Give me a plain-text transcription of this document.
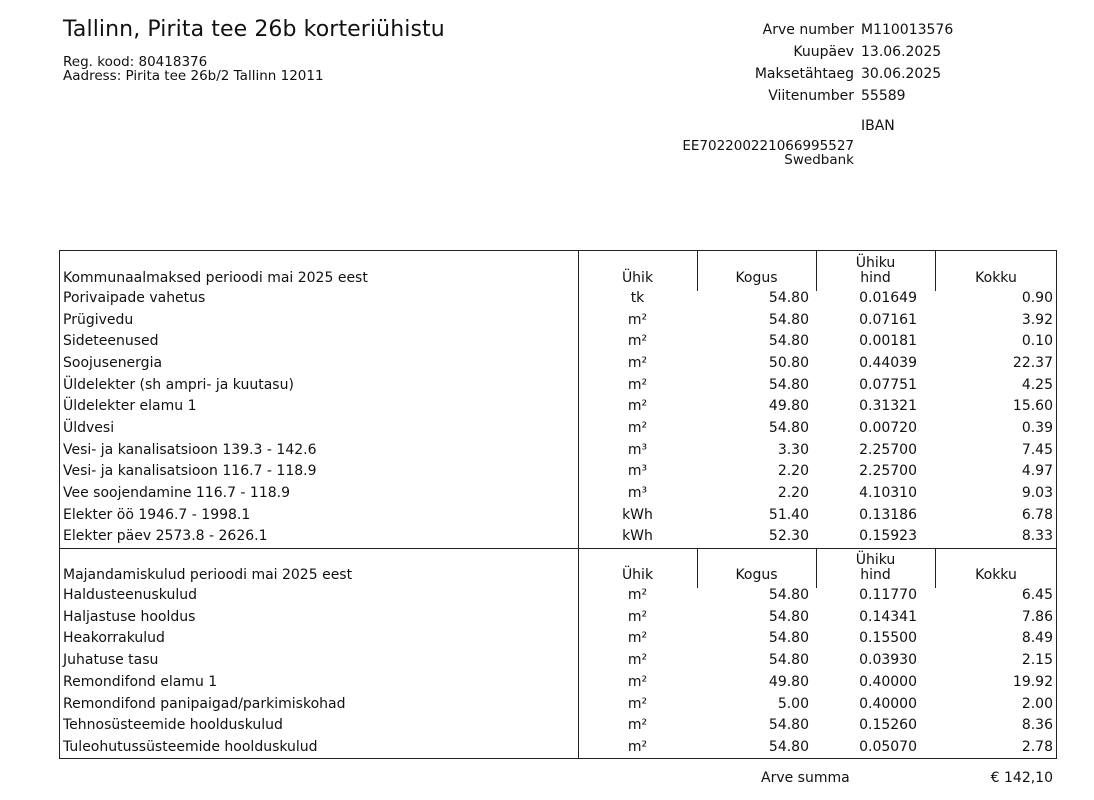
Tallinn, Pirita tee 26b korteriühistu
Reg. kood: 80418376
Aadress: Pirita tee 26b/2 Tallinn 12011
Arve number M110013576
Kuupäev 13.06.2025
Maksetähtaeg 30.06.2025
Viitenumber 55589
IBAN
EE702200221066995527
Swedbank
Kommunaalmaksed perioodi mai 2025 eest	Ühik	Kogus	Ühiku
hind	Kokku
Porivaipade vahetus	tk	54.80	0.01649	0.90
Prügivedu	m²	54.80	0.07161	3.92
Sideteenused	m²	54.80	0.00181	0.10
Soojusenergia	m²	50.80	0.44039	22.37
Üldelekter (sh ampri- ja kuutasu)	m²	54.80	0.07751	4.25
Üldelekter elamu 1	m²	49.80	0.31321	15.60
Üldvesi	m²	54.80	0.00720	0.39
Vesi- ja kanalisatsioon 139.3 - 142.6	m³	3.30	2.25700	7.45
Vesi- ja kanalisatsioon 116.7 - 118.9	m³	2.20	2.25700	4.97
Vee soojendamine 116.7 - 118.9	m³	2.20	4.10310	9.03
Elekter öö 1946.7 - 1998.1	kWh	51.40	0.13186	6.78
Elekter päev 2573.8 - 2626.1	kWh	52.30	0.15923	8.33
Majandamiskulud perioodi mai 2025 eest	Ühik	Kogus	Ühiku
hind	Kokku
Haldusteenuskulud	m²	54.80	0.11770	6.45
Haljastuse hooldus	m²	54.80	0.14341	7.86
Heakorrakulud	m²	54.80	0.15500	8.49
Juhatuse tasu	m²	54.80	0.03930	2.15
Remondifond elamu 1	m²	49.80	0.40000	19.92
Remondifond panipaigad/parkimiskohad	m²	5.00	0.40000	2.00
Tehnosüsteemide hoolduskulud	m²	54.80	0.15260	8.36
Tuleohutussüsteemide hoolduskulud	m²	54.80	0.05070	2.78
Arve summa	€ 142,10
